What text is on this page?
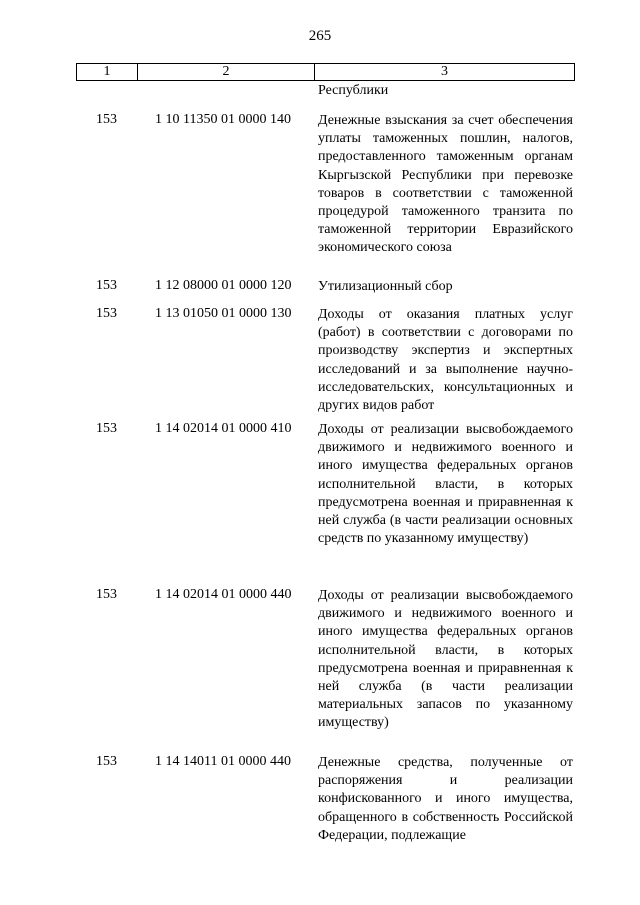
265
1	2	3
Республики
153	1 10 11350 01 0000 140	Денежные взыскания за счет обеспечения уплаты таможенных пошлин, налогов, предоставленного таможенным органам Кыргызской Республики при перевозке товаров в соответствии с таможенной процедурой таможенного транзита по таможенной территории Евразийского экономического союза

153	1 12 08000 01 0000 120	Утилизационный сбор

153	1 13 01050 01 0000 130	Доходы от оказания платных услуг (работ) в соответствии с договорами по производству экспертиз и экспертных исследований и за выполнение научно-исследовательских, консультационных и других видов работ

153	1 14 02014 01 0000 410	Доходы от реализации высвобождаемого движимого и недвижимого военного и иного имущества федеральных органов исполнительной власти, в которых предусмотрена военная и приравненная к ней служба (в части реализации основных средств по указанному имуществу)

153	1 14 02014 01 0000 440	Доходы от реализации высвобождаемого движимого и недвижимого военного и иного имущества федеральных органов исполнительной власти, в которых предусмотрена военная и приравненная к ней служба (в части реализации материальных запасов по указанному имуществу)

153	1 14 14011 01 0000 440	Денежные средства, полученные от распоряжения и реализации конфискованного и иного имущества, обращенного в собственность Российской Федерации, подлежащие
